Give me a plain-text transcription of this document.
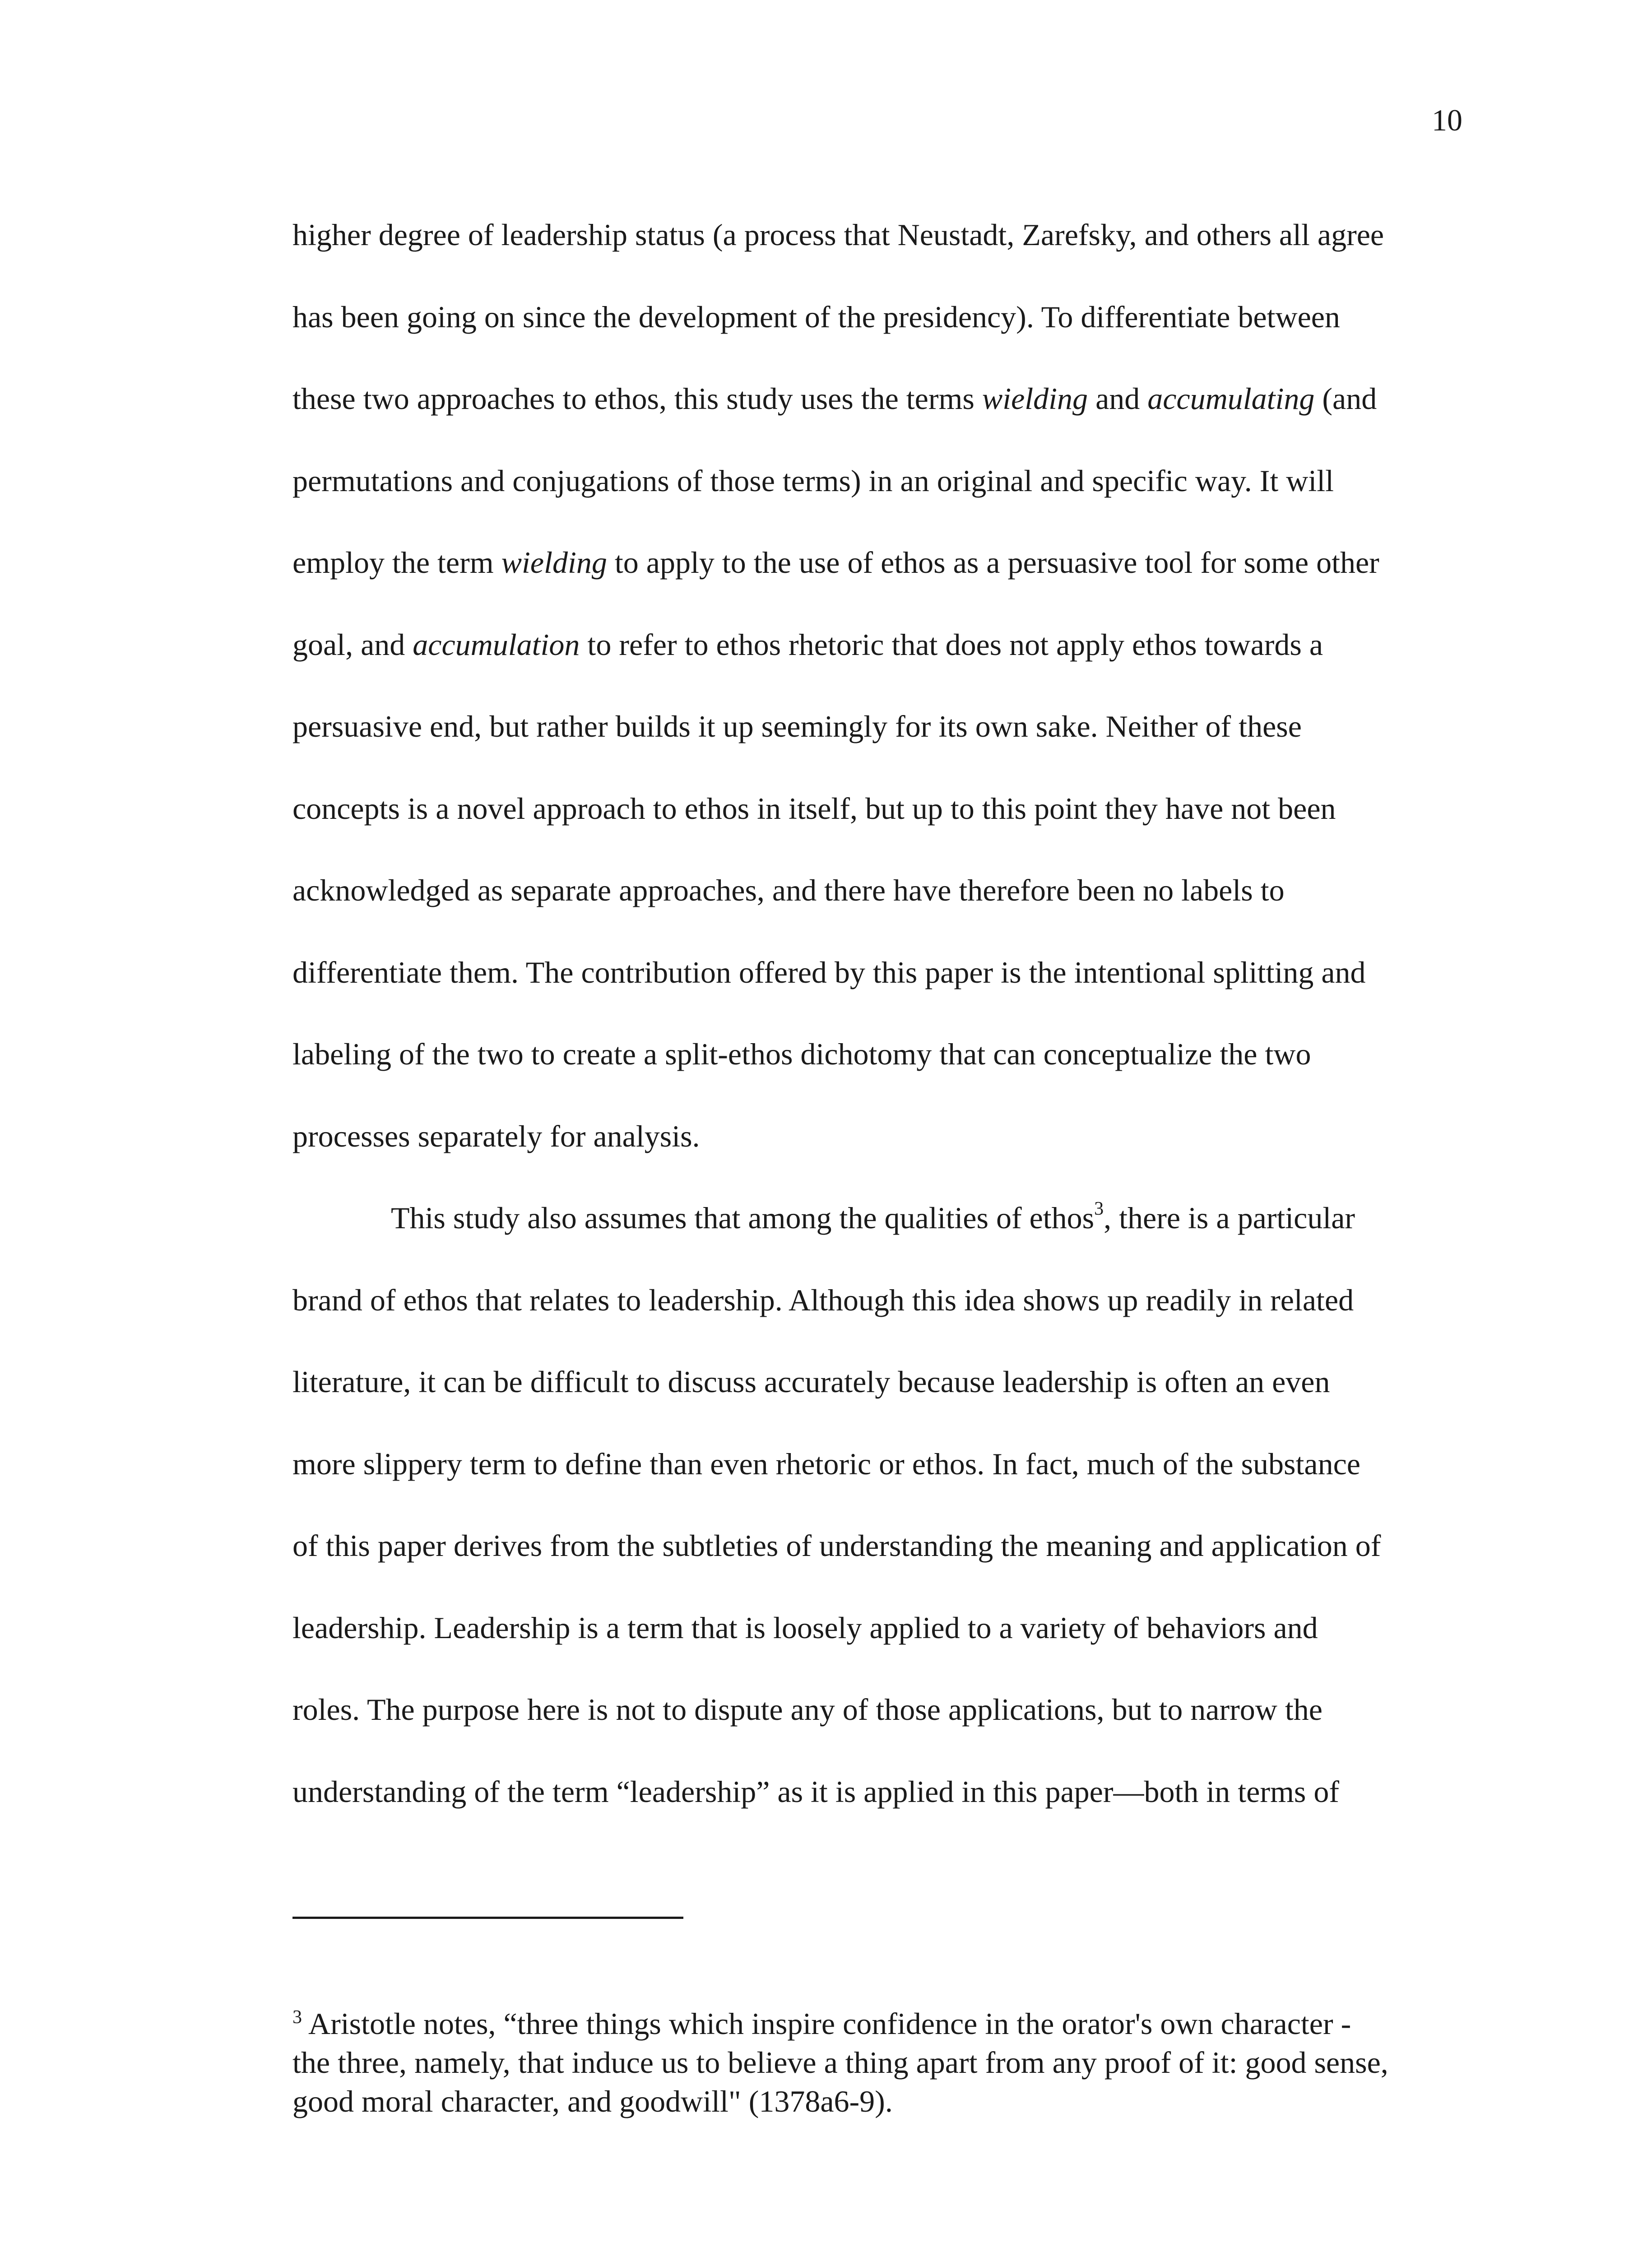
10
higher degree of leadership status (a process that Neustadt, Zarefsky, and others all agree
has been going on since the development of the presidency). To differentiate between
these two approaches to ethos, this study uses the terms wielding and accumulating (and
permutations and conjugations of those terms) in an original and specific way. It will
employ the term wielding to apply to the use of ethos as a persuasive tool for some other
goal, and accumulation to refer to ethos rhetoric that does not apply ethos towards a
persuasive end, but rather builds it up seemingly for its own sake. Neither of these
concepts is a novel approach to ethos in itself, but up to this point they have not been
acknowledged as separate approaches, and there have therefore been no labels to
differentiate them. The contribution offered by this paper is the intentional splitting and
labeling of the two to create a split-ethos dichotomy that can conceptualize the two
processes separately for analysis.
This study also assumes that among the qualities of ethos$^3$, there is a particular
brand of ethos that relates to leadership. Although this idea shows up readily in related
literature, it can be difficult to discuss accurately because leadership is often an even
more slippery term to define than even rhetoric or ethos. In fact, much of the substance
of this paper derives from the subtleties of understanding the meaning and application of
leadership. Leadership is a term that is loosely applied to a variety of behaviors and
roles. The purpose here is not to dispute any of those applications, but to narrow the
understanding of the term “leadership” as it is applied in this paper—both in terms of
$^3$ Aristotle notes, “three things which inspire confidence in the orator's own character -
the three, namely, that induce us to believe a thing apart from any proof of it: good sense,
good moral character, and goodwill" (1378a6-9).
